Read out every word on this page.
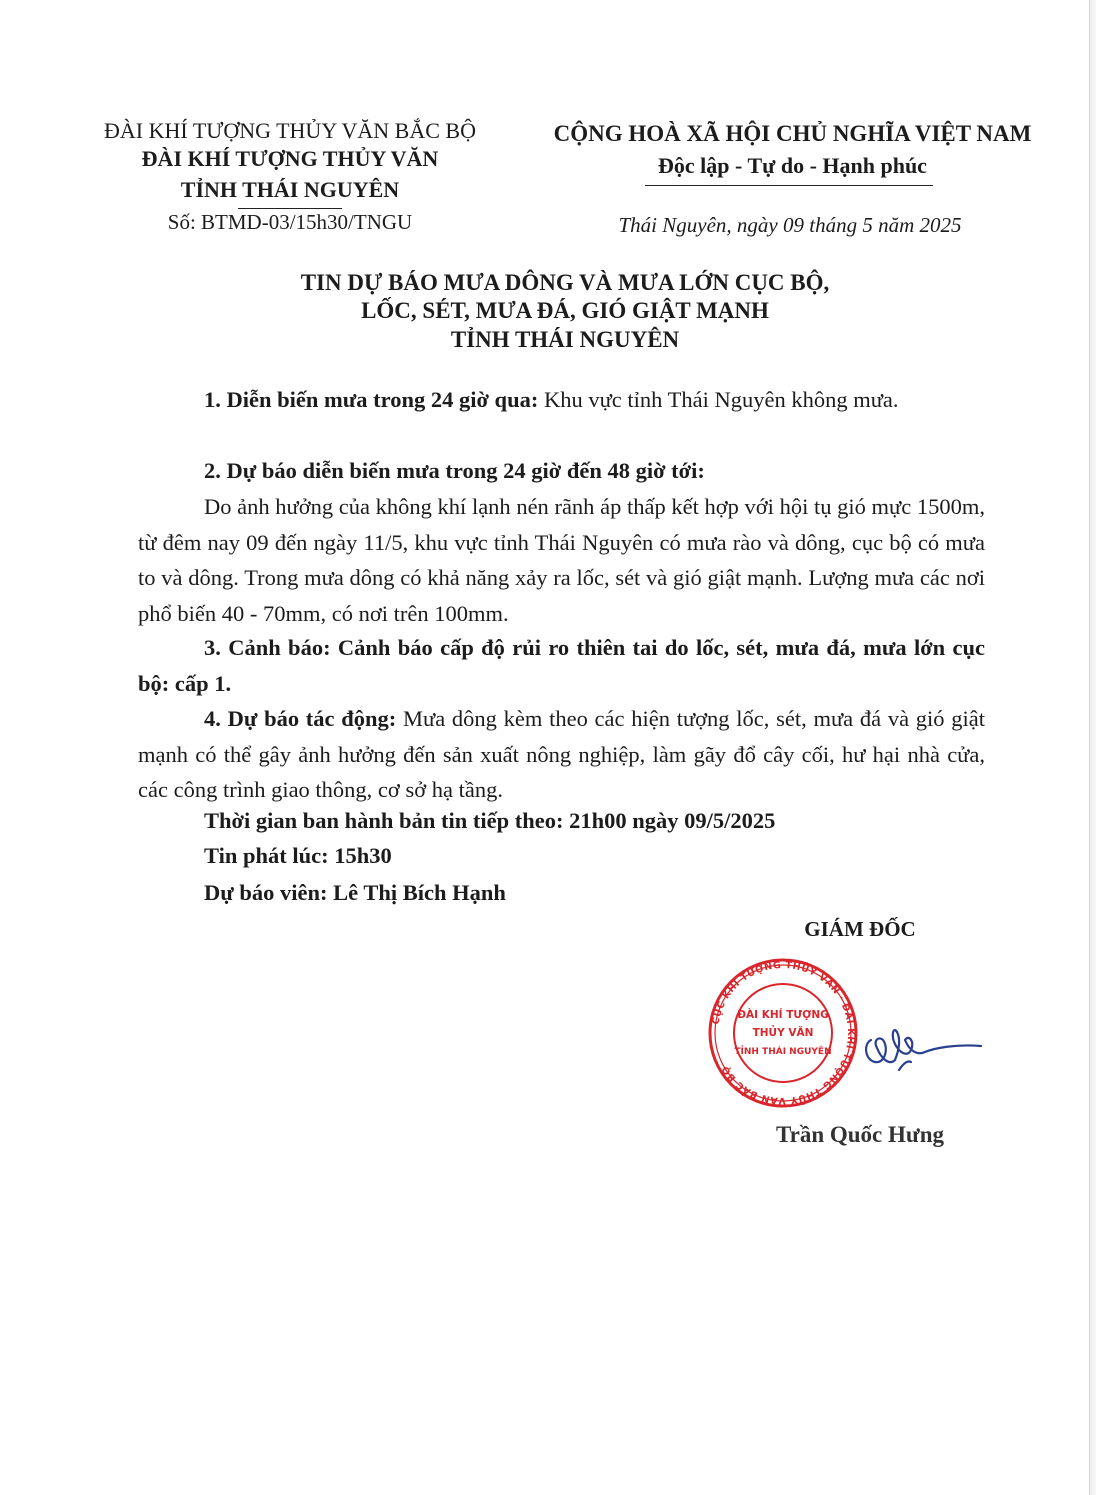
ĐÀI KHÍ TƯỢNG THỦY VĂN BẮC BỘ
ĐÀI KHÍ TƯỢNG THỦY VĂN
TỈNH THÁI NGUYÊN
Số: BTMD-03/15h30/TNGU
CỘNG HOÀ XÃ HỘI CHỦ NGHĨA VIỆT NAM
Độc lập - Tự do - Hạnh phúc
Thái Nguyên, ngày 09 tháng 5 năm 2025
TIN DỰ BÁO MƯA DÔNG VÀ MƯA LỚN CỤC BỘ,
LỐC, SÉT, MƯA ĐÁ, GIÓ GIẬT MẠNH
TỈNH THÁI NGUYÊN
1. Diễn biến mưa trong 24 giờ qua: Khu vực tỉnh Thái Nguyên không mưa.
2. Dự báo diễn biến mưa trong 24 giờ đến 48 giờ tới:
Do ảnh hưởng của không khí lạnh nén rãnh áp thấp kết hợp với hội tụ gió mực 1500m, từ đêm nay 09 đến ngày 11/5, khu vực tỉnh Thái Nguyên có mưa rào và dông, cục bộ có mưa to và dông. Trong mưa dông có khả năng xảy ra lốc, sét và gió giật mạnh. Lượng mưa các nơi phổ biến 40 - 70mm, có nơi trên 100mm.
3. Cảnh báo: Cảnh báo cấp độ rủi ro thiên tai do lốc, sét, mưa đá, mưa lớn cục bộ: cấp 1.
4. Dự báo tác động: Mưa dông kèm theo các hiện tượng lốc, sét, mưa đá và gió giật mạnh có thể gây ảnh hưởng đến sản xuất nông nghiệp, làm gãy đổ cây cối, hư hại nhà cửa, các công trình giao thông, cơ sở hạ tầng.
Thời gian ban hành bản tin tiếp theo: 21h00 ngày 09/5/2025
Tin phát lúc: 15h30
Dự báo viên: Lê Thị Bích Hạnh
GIÁM ĐỐC
CỤC KHÍ TƯỢNG THỦY VĂN · ĐÀI KHÍ TƯỢNG THỦY VĂN BẮC BỘ
ĐÀI KHÍ TƯỢNG
THỦY VĂN
TỈNH THÁI NGUYÊN
Trần Quốc Hưng
